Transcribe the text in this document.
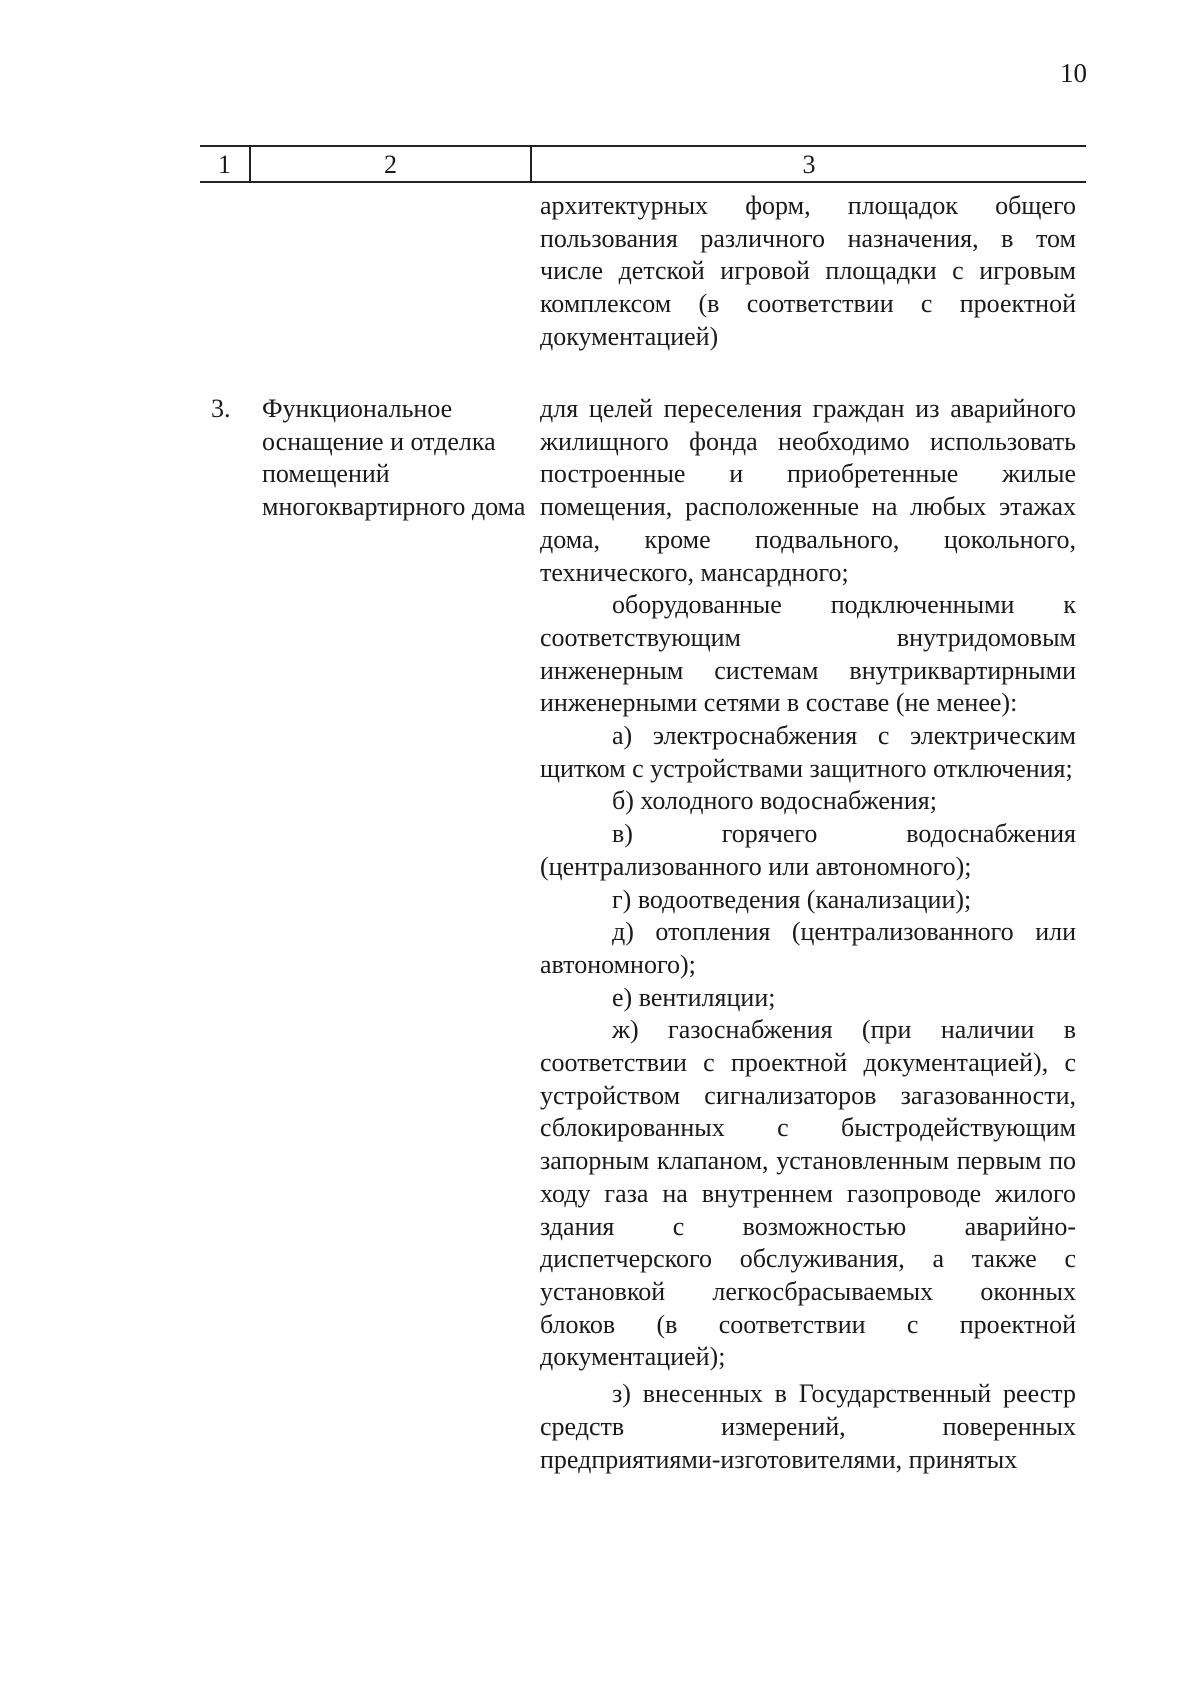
10
1	2	3

архитектурных форм, площадок общего пользования различного назначения, в том числе детской игровой площадки с игровым комплексом (в соответствии с проектной документацией)

3. Функциональное оснащение и отделка помещений многоквартирного дома

для целей переселения граждан из аварийного жилищного фонда необходимо использовать построенные и приобретенные жилые помещения, расположенные на любых этажах дома, кроме подвального, цокольного, технического, мансардного;

оборудованные подключенными к соответствующим внутридомовым инженерным системам внутриквартирными инженерными сетями в составе (не менее):

а) электроснабжения с электрическим щитком с устройствами защитного отключения;

б) холодного водоснабжения;

в) горячего водоснабжения (централизованного или автономного);

г) водоотведения (канализации);

д) отопления (централизованного или автономного);

е) вентиляции;

ж) газоснабжения (при наличии в соответствии с проектной документацией), с устройством сигнализаторов загазованности, сблокированных с быстродействующим запорным клапаном, установленным первым по ходу газа на внутреннем газопроводе жилого здания с возможностью аварийно-диспетчерского обслуживания, а также с установкой легкосбрасываемых оконных блоков (в соответствии с проектной документацией);

з) внесенных в Государственный реестр средств измерений, поверенных предприятиями-изготовителями, принятых
